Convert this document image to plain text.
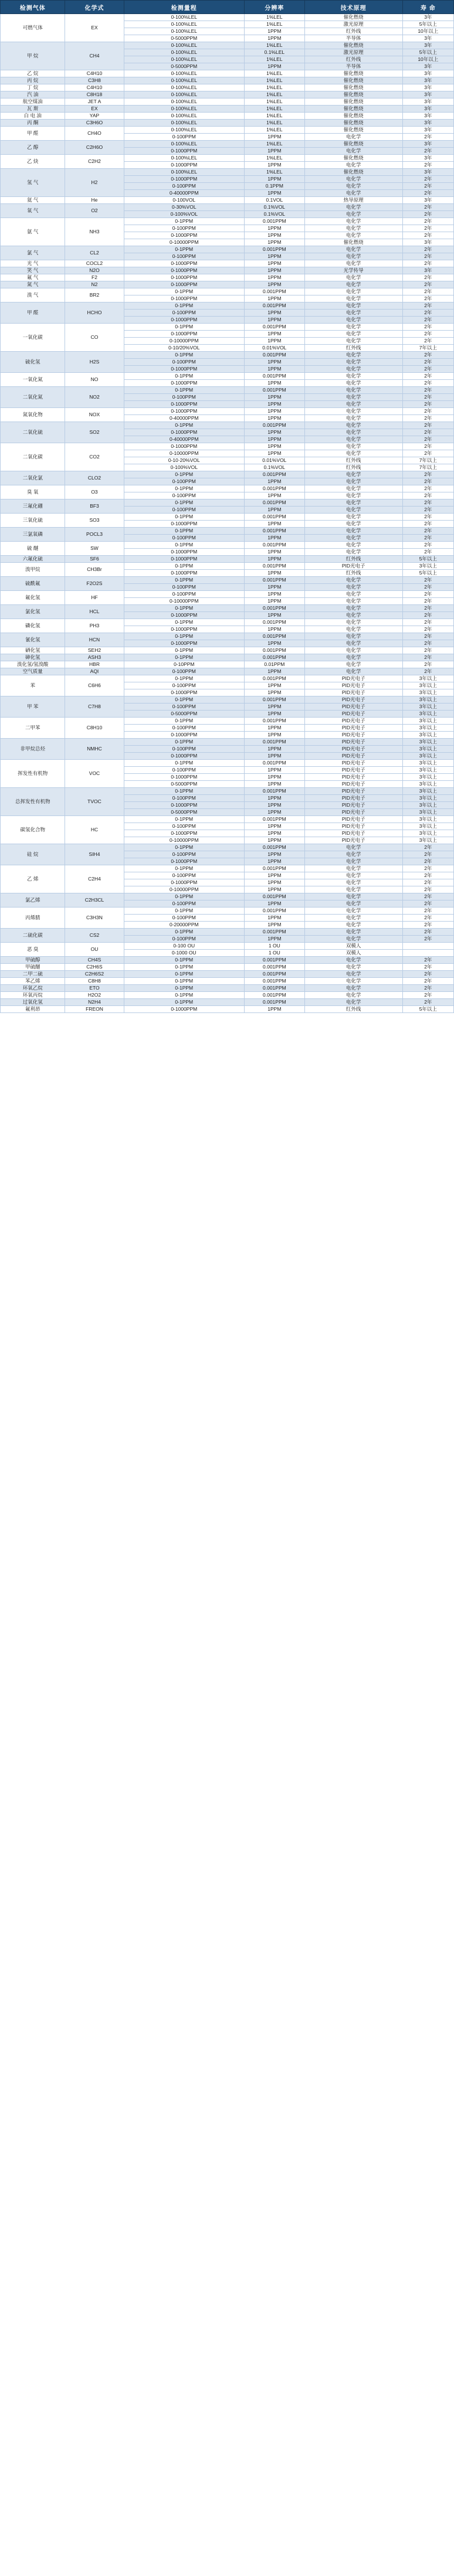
检测气体	化学式	检测量程	分辨率	技术原理	寿 命
可燃气体	EX	0-100%LEL	1%LEL	催化燃烧	3年
		0-100%LEL	1%LEL	激光原理	5年以上
		0-100%LEL	1PPM	红外线	10年以上
		0-5000PPM	1PPM	半导体	3年
甲 烷	CH4	0-100%LEL	1%LEL	催化燃烧	3年
		0-100%LEL	0.1%LEL	激光原理	5年以上
		0-100%LEL	1%LEL	红外线	10年以上
		0-5000PPM	1PPM	半导体	3年
乙 烷	C4H10	0-100%LEL	1%LEL	催化燃烧	3年
丙 烷	C3H8	0-100%LEL	1%LEL	催化燃烧	3年
丁 烷	C4H10	0-100%LEL	1%LEL	催化燃烧	3年
汽 油	C8H18	0-100%LEL	1%LEL	催化燃烧	3年
航空煤油	JET A	0-100%LEL	1%LEL	催化燃烧	3年
瓦 斯	EX	0-100%LEL	1%LEL	催化燃烧	3年
白 电 油	YAP	0-100%LEL	1%LEL	催化燃烧	3年
丙 酮	C3H6O	0-100%LEL	1%LEL	催化燃烧	3年
甲 醛	CH4O	0-100%LEL	1%LEL	催化燃烧	3年
		0-100PPM	1PPM	电化学	2年
乙 醇	C2H6O	0-100%LEL	1%LEL	催化燃烧	3年
		0-1000PPM	1PPM	电化学	2年
乙 炔	C2H2	0-100%LEL	1%LEL	催化燃烧	3年
		0-1000PPM	1PPM	电化学	2年
氢 气	H2	0-100%LEL	1%LEL	催化燃烧	3年
		0-1000PPM	1PPM	电化学	2年
		0-100PPM	0.1PPM	电化学	2年
		0-40000PPM	1PPM	电化学	2年
氦 气	He	0-100VOL	0.1VOL	热导原理	3年
氧 气	O2	0-30%VOL	0.1%VOL	电化学	2年
		0-100%VOL	0.1%VOL	电化学	2年
氨 气	NH3	0-1PPM	0.001PPM	电化学	2年
		0-100PPM	1PPM	电化学	2年
		0-1000PPM	1PPM	电化学	2年
		0-10000PPM	1PPM	催化燃烧	3年
氯 气	CL2	0-1PPM	0.001PPM	电化学	2年
		0-100PPM	1PPM	电化学	2年
光 气	COCL2	0-1000PPM	1PPM	电化学	2年
笑 气	N2O	0-1000PPM	1PPM	光学传导	3年
氟 气	F2	0-1000PPM	1PPM	电化学	2年
氮 气	N2	0-1000PPM	1PPM	电化学	2年
溴 气	BR2	0-1PPM	0.001PPM	电化学	2年
		0-1000PPM	1PPM	电化学	2年
甲 醛	HCHO	0-1PPM	0.001PPM	电化学	2年
		0-100PPM	1PPM	电化学	2年
		0-1000PPM	1PPM	电化学	2年
一氧化碳	CO	0-1PPM	0.001PPM	电化学	2年
		0-1000PPM	1PPM	电化学	2年
		0-10000PPM	1PPM	电化学	2年
		0-10/20%VOL	0.01%VOL	红外线	7年以上
硫化氢	H2S	0-1PPM	0.001PPM	电化学	2年
		0-100PPM	1PPM	电化学	2年
		0-1000PPM	1PPM	电化学	2年
一氧化氮	NO	0-1PPM	0.001PPM	电化学	2年
		0-1000PPM	1PPM	电化学	2年
二氧化氮	NO2	0-1PPM	0.001PPM	电化学	2年
		0-100PPM	1PPM	电化学	2年
		0-1000PPM	1PPM	电化学	2年
氮氧化物	NOX	0-1000PPM	1PPM	电化学	2年
		0-40000PPM	1PPM	电化学	2年
二氧化硫	SO2	0-1PPM	0.001PPM	电化学	2年
		0-1000PPM	1PPM	电化学	2年
		0-40000PPM	1PPM	电化学	2年
二氧化碳	CO2	0-1000PPM	1PPM	电化学	2年
		0-10000PPM	1PPM	电化学	2年
		0-10·20%VOL	0.01%VOL	红外线	7年以上
		0-100%VOL	0.1%VOL	红外线	7年以上
二氧化氯	CLO2	0-1PPM	0.001PPM	电化学	2年
		0-100PPM	1PPM	电化学	2年
臭 氧	O3	0-1PPM	0.001PPM	电化学	2年
		0-100PPM	1PPM	电化学	2年
三氟化硼	BF3	0-1PPM	0.001PPM	电化学	2年
		0-100PPM	1PPM	电化学	2年
三氧化硫	SO3	0-1PPM	0.001PPM	电化学	2年
		0-1000PPM	1PPM	电化学	2年
三氯氧磷	POCL3	0-1PPM	0.001PPM	电化学	2年
		0-100PPM	1PPM	电化学	2年
硫 醚	SW	0-1PPM	0.001PPM	电化学	2年
		0-1000PPM	1PPM	电化学	2年
六氟化硫	SF6	0-1000PPM	1PPM	红外线	5年以上
溴甲烷	CH3Br	0-1PPM	0.001PPM	PID光电子	3年以上
		0-1000PPM	1PPM	红外线	5年以上
硫酰氟	F2O2S	0-1PPM	0.001PPM	电化学	2年
		0-100PPM	1PPM	电化学	2年
氟化氢	HF	0-100PPM	1PPM	电化学	2年
		0-10000PPM	1PPM	电化学	2年
氯化氢	HCL	0-1PPM	0.001PPM	电化学	2年
		0-1000PPM	1PPM	电化学	2年
磷化氢	PH3	0-1PPM	0.001PPM	电化学	2年
		0-1000PPM	1PPM	电化学	2年
氰化氢	HCN	0-1PPM	0.001PPM	电化学	2年
		0-1000PPM	1PPM	电化学	2年
硒化氢	SEH2	0-1PPM	0.001PPM	电化学	2年
砷化氢	ASH3	0-1PPM	0.001PPM	电化学	2年
溴化氢/氢溴酸	HBR	0-10PPM	0.01PPM	电化学	2年
空气质量	AQI	0-100PPM	1PPM	电化学	2年
苯	C6H6	0-1PPM	0.001PPM	PID光电子	3年以上
		0-100PPM	1PPM	PID光电子	3年以上
		0-1000PPM	1PPM	PID光电子	3年以上
甲 苯	C7H8	0-1PPM	0.001PPM	PID光电子	3年以上
		0-100PPM	1PPM	PID光电子	3年以上
		0-5000PPM	1PPM	PID光电子	3年以上
二甲苯	C8H10	0-1PPM	0.001PPM	PID光电子	3年以上
		0-100PPM	1PPM	PID光电子	3年以上
		0-1000PPM	1PPM	PID光电子	3年以上
非甲烷总烃	NMHC	0-1PPM	0.001PPM	PID光电子	3年以上
		0-100PPM	1PPM	PID光电子	3年以上
		0-1000PPM	1PPM	PID光电子	3年以上
挥发性有机物	VOC	0-1PPM	0.001PPM	PID光电子	3年以上
		0-100PPM	1PPM	PID光电子	3年以上
		0-1000PPM	1PPM	PID光电子	3年以上
		0-5000PPM	1PPM	PID光电子	3年以上
总挥发性有机物	TVOC	0-1PPM	0.001PPM	PID光电子	3年以上
		0-100PPM	1PPM	PID光电子	3年以上
		0-1000PPM	1PPM	PID光电子	3年以上
		0-5000PPM	1PPM	PID光电子	3年以上
碳氢化合物	HC	0-1PPM	0.001PPM	PID光电子	3年以上
		0-100PPM	1PPM	PID光电子	3年以上
		0-1000PPM	1PPM	PID光电子	3年以上
		0-10000PPM	1PPM	PID光电子	3年以上
硅 烷	SIH4	0-1PPM	0.001PPM	电化学	2年
		0-100PPM	1PPM	电化学	2年
		0-1000PPM	1PPM	电化学	2年
乙 烯	C2H4	0-1PPM	0.001PPM	电化学	2年
		0-100PPM	1PPM	电化学	2年
		0-1000PPM	1PPM	电化学	2年
		0-10000PPM	1PPM	电化学	2年
氯乙烯	C2H3CL	0-1PPM	0.001PPM	电化学	2年
		0-100PPM	1PPM	电化学	2年
丙烯腈	C3H3N	0-1PPM	0.001PPM	电化学	2年
		0-100PPM	1PPM	电化学	2年
		0-20000PPM	1PPM	电化学	2年
二硫化碳	CS2	0-1PPM	0.001PPM	电化学	2年
		0-100PPM	1PPM	电化学	2年
恶 臭	OU	0-100 OU	1 OU	双模人	
		0-1000 OU	1 OU	双模人	
甲硫醇	CH4S	0-1PPM	0.001PPM	电化学	2年
甲硫醚	C2H6S	0-1PPM	0.001PPM	电化学	2年
二甲二硫	C2H6S2	0-1PPM	0.001PPM	电化学	2年
苯乙烯	C8H8	0-1PPM	0.001PPM	电化学	2年
环氧乙烷	ETO	0-1PPM	0.001PPM	电化学	2年
环氧丙烷	H2O2	0-1PPM	0.001PPM	电化学	2年
过氧化氢	N2H4	0-1PPM	0.001PPM	电化学	2年
氟利昂	FREON	0-1000PPM	1PPM	红外线	5年以上
